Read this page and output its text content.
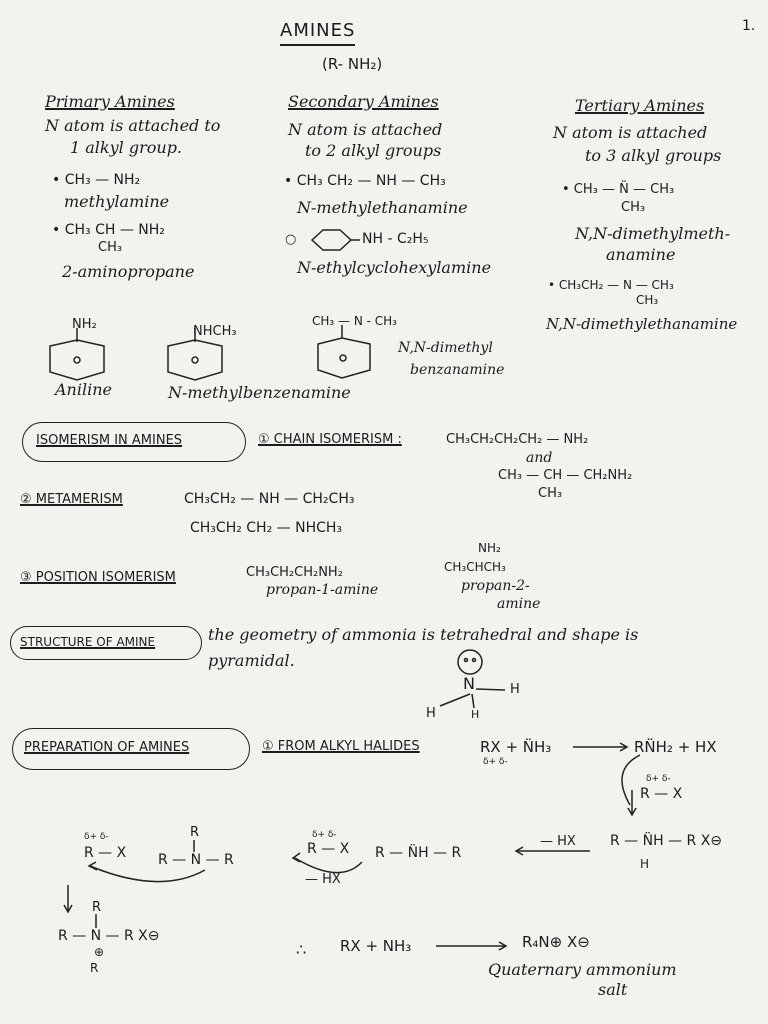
1.
AMINES
(R- NH₂)
Primary Amines
N atom is attached to
1 alkyl group.
• CH₃ — NH₂
methylamine
• CH₃ CH — NH₂
CH₃
2-aminopropane
Secondary Amines
N atom is attached
to 2 alkyl groups
• CH₃ CH₂ — NH — CH₃
N-methylethanamine
○	NH - C₂H₅
N-ethylcyclohexylamine
Tertiary Amines
N atom is attached
to 3 alkyl groups
• CH₃ — N̈ — CH₃
CH₃
N,N-dimethylmeth-
anamine
• CH₃CH₂ — N — CH₃
CH₃
N,N-dimethylethanamine
NH₂
Aniline
NHCH₃
N-methylbenzenamine
CH₃ — N - CH₃
N,N-dimethyl
benzanamine
ISOMERISM IN AMINES	① CHAIN ISOMERISM :	CH₃CH₂CH₂CH₂ — NH₂
and
CH₃ — CH — CH₂NH₂
CH₃
② METAMERISM	CH₃CH₂ — NH — CH₂CH₃
CH₃CH₂ CH₂ — NHCH₃
NH₂
③ POSITION ISOMERISM	CH₃CH₂CH₂NH₂
propan-1-amine
CH₃CHCH₃
propan-2-
amine
STRUCTURE OF AMINE	the geometry of ammonia is tetrahedral and shape is
pyramidal.
N	H
H	H
PREPARATION OF AMINES	① FROM ALKYL HALIDES	RX + N̈H₃
δ+ δ-
RN̈H₂ + HX
δ+ δ-
R — X
R — N̈H — R X⊖
H
— HX
R — N̈H — R
δ+ δ-
R — X
— HX
δ+ δ-
R — X
R
R — N — R
R
R — N — R X⊖
⊕
R
∴ RX + NH₃	R₄N⊕ X⊖
Quaternary ammonium
salt
